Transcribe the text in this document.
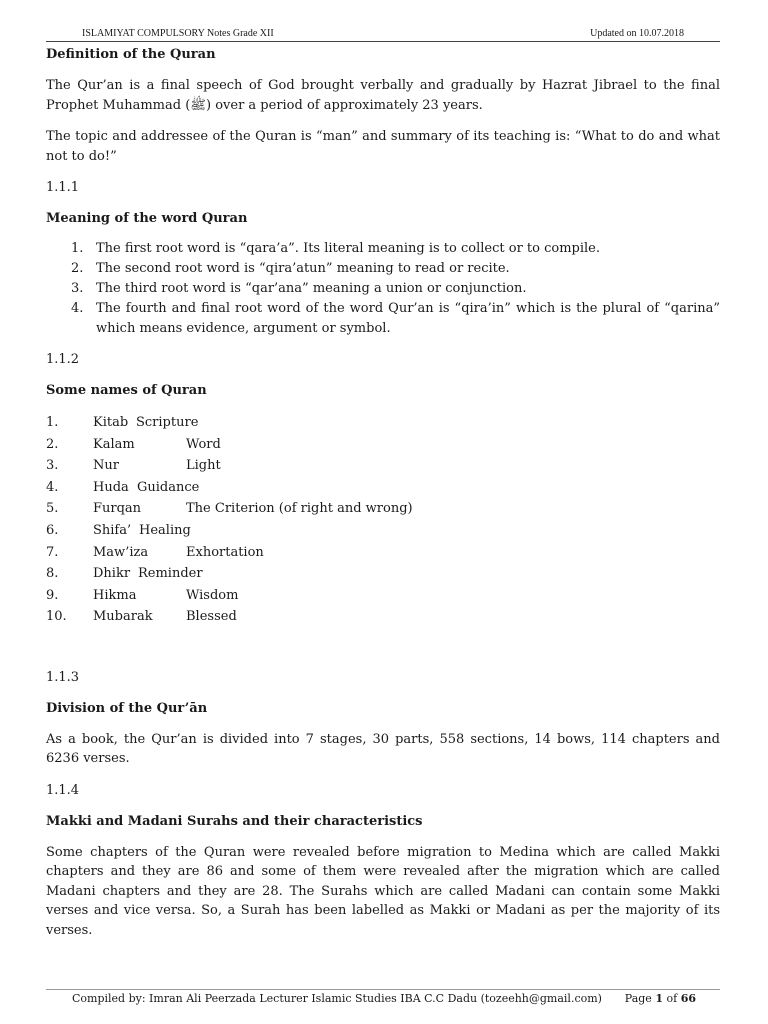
ISLAMIYAT COMPULSORY Notes Grade XII	Updated on 10.07.2018
Definition of the Quran

The Qur’an is a final speech of God brought verbally and gradually by Hazrat Jibrael to the final Prophet Muhammad (ﷺ) over a period of approximately 23 years.

The topic and addressee of the Quran is “man” and summary of its teaching is: “What to do and what not to do!”

1.1.1
Meaning of the word Quran
1. The first root word is “qara’a”. Its literal meaning is to collect or to compile.
2. The second root word is “qira’atun” meaning to read or recite.
3. The third root word is “qar’ana” meaning a union or conjunction.
4. The fourth and final root word of the word Qur’an is “qira’in” which is the plural of “qarina” which means evidence, argument or symbol.
1.1.2
Some names of Quran
1.	Kitab Scripture
2.	Kalam	Word
3.	Nur	Light
4.	Huda Guidance
5.	Furqan	The Criterion (of right and wrong)
6.	Shifa’ Healing
7.	Maw’iza	Exhortation
8.	Dhikr Reminder
9.	Hikma	Wisdom
10. Mubarak	Blessed
1.1.3
Division of the Qur’ān

As a book, the Qur’an is divided into 7 stages, 30 parts, 558 sections, 14 bows, 114 chapters and 6236 verses.

1.1.4
Makki and Madani Surahs and their characteristics

Some chapters of the Quran were revealed before migration to Medina which are called Makki chapters and they are 86 and some of them were revealed after the migration which are called Madani chapters and they are 28. The Surahs which are called Madani can contain some Makki verses and vice versa. So, a Surah has been labelled as Makki or Madani as per the majority of its verses.

Compiled by: Imran Ali Peerzada Lecturer Islamic Studies IBA C.C Dadu (tozeehh@gmail.com) Page 1 of 66
